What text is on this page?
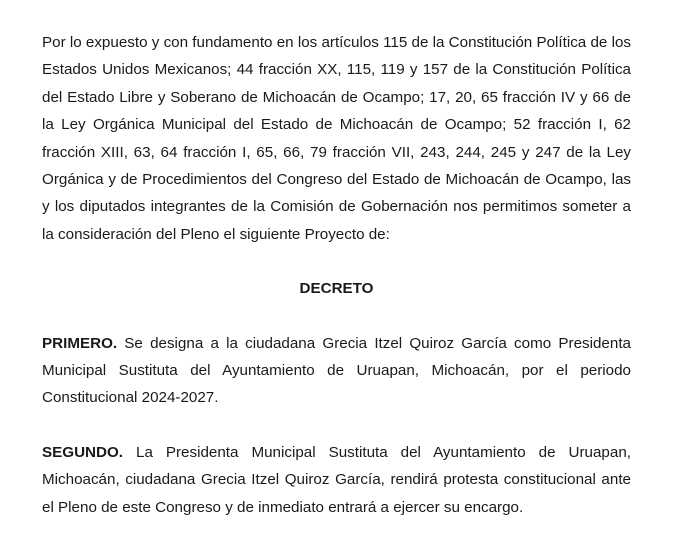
Por lo expuesto y con fundamento en los artículos 115 de la Constitución Política de los Estados Unidos Mexicanos; 44 fracción XX, 115, 119 y 157 de la Constitución Política del Estado Libre y Soberano de Michoacán de Ocampo; 17, 20, 65 fracción IV y 66 de la Ley Orgánica Municipal del Estado de Michoacán de Ocampo; 52 fracción I, 62 fracción XIII, 63, 64 fracción I, 65, 66, 79 fracción VII, 243, 244, 245 y 247 de la Ley Orgánica y de Procedimientos del Congreso del Estado de Michoacán de Ocampo, las y los diputados integrantes de la Comisión de Gobernación nos permitimos someter a la consideración del Pleno el siguiente Proyecto de:

DECRETO

PRIMERO. Se designa a la ciudadana Grecia Itzel Quiroz García como Presidenta Municipal Sustituta del Ayuntamiento de Uruapan, Michoacán, por el periodo Constitucional 2024-2027.

SEGUNDO. La Presidenta Municipal Sustituta del Ayuntamiento de Uruapan, Michoacán, ciudadana Grecia Itzel Quiroz García, rendirá protesta constitucional ante el Pleno de este Congreso y de inmediato entrará a ejercer su encargo.
